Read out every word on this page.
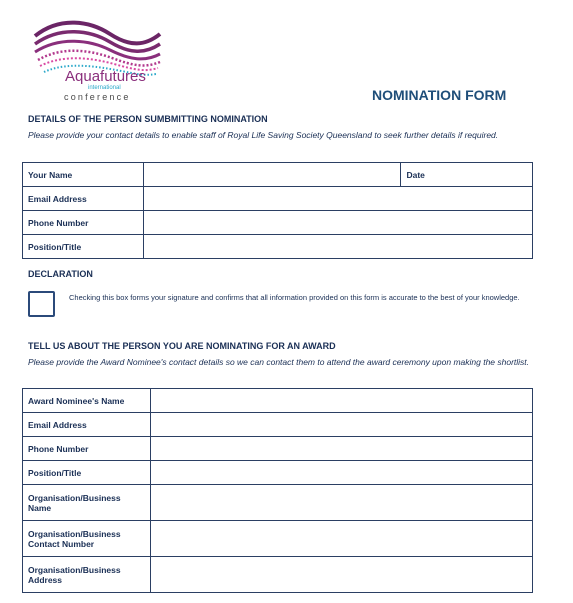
Aquafutures
international
conference	NOMINATION FORM
DETAILS OF THE PERSON SUMBMITTING NOMINATION
Please provide your contact details to enable staff of Royal Life Saving Society Queensland to seek further details if required.
Your Name		Date
Email Address		
Phone Number		
Position/Title		
DECLARATION
Checking this box forms your signature and confirms that all information provided on this form is accurate to the best of your knowledge.
TELL US ABOUT THE PERSON YOU ARE NOMINATING FOR AN AWARD
Please provide the Award Nominee's contact details so we can contact them to attend the award ceremony upon making the shortlist.
Award Nominee's Name	
Email Address	
Phone Number	
Position/Title	
Organisation/Business Name	
Organisation/Business Contact Number	
Organisation/Business Address	
